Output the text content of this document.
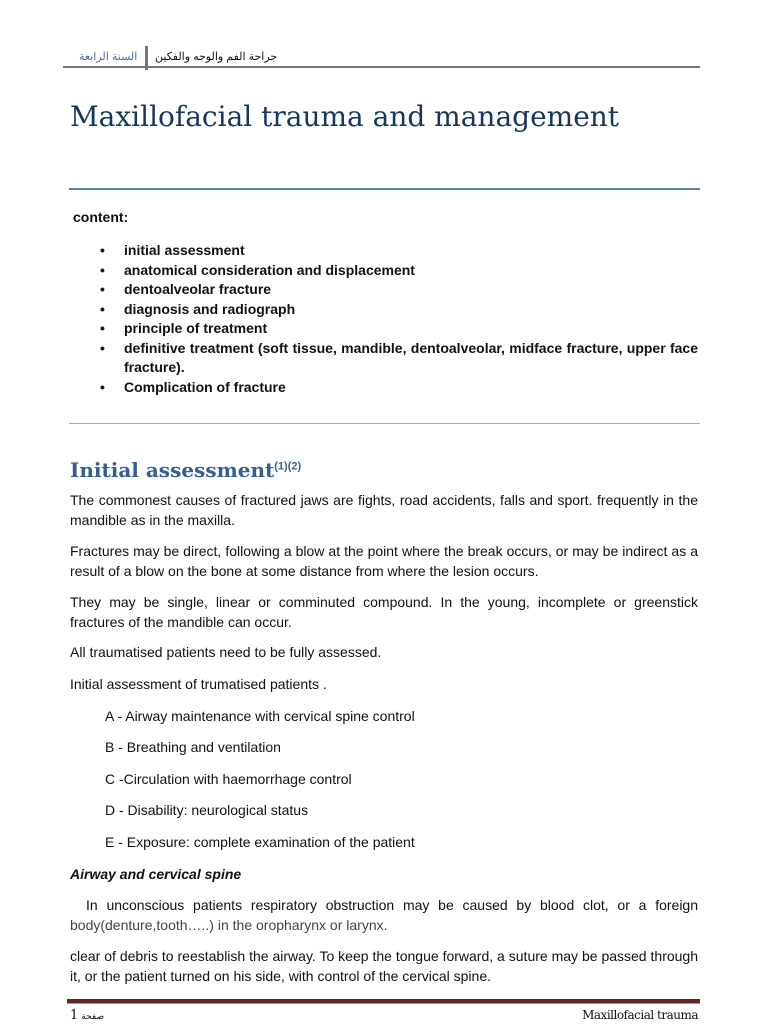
السنة الرابعة جراحة الفم والوجه والفكين
Maxillofacial trauma and management
content:
• initial assessment
• anatomical consideration and displacement
• dentoalveolar fracture
• diagnosis and radiograph
• principle of treatment
• definitive treatment (soft tissue, mandible, dentoalveolar, midface fracture, upper face fracture).
• Complication of fracture
Initial assessment$^{(1)(2)}$

The commonest causes of fractured jaws are fights, road accidents, falls and sport. frequently in the mandible as in the maxilla.

Fractures may be direct, following a blow at the point where the break occurs, or may be indirect as a result of a blow on the bone at some distance from where the lesion occurs.

They may be single, linear or comminuted compound. In the young, incomplete or greenstick fractures of the mandible can occur.

All traumatised patients need to be fully assessed.

Initial assessment of trumatised patients .

A - Airway maintenance with cervical spine control

B - Breathing and ventilation

C -Circulation with haemorrhage control

D - Disability: neurological status

E - Exposure: complete examination of the patient

Airway and cervical spine

In unconscious patients respiratory obstruction may be caused by blood clot, or a foreign

body(denture,tooth…..) in the oropharynx or larynx.

clear of debris to reestablish the airway. To keep the tongue forward, a suture may be passed through it, or the patient turned on his side, with control of the cervical spine.

1 صفحة	Maxillofacial trauma
